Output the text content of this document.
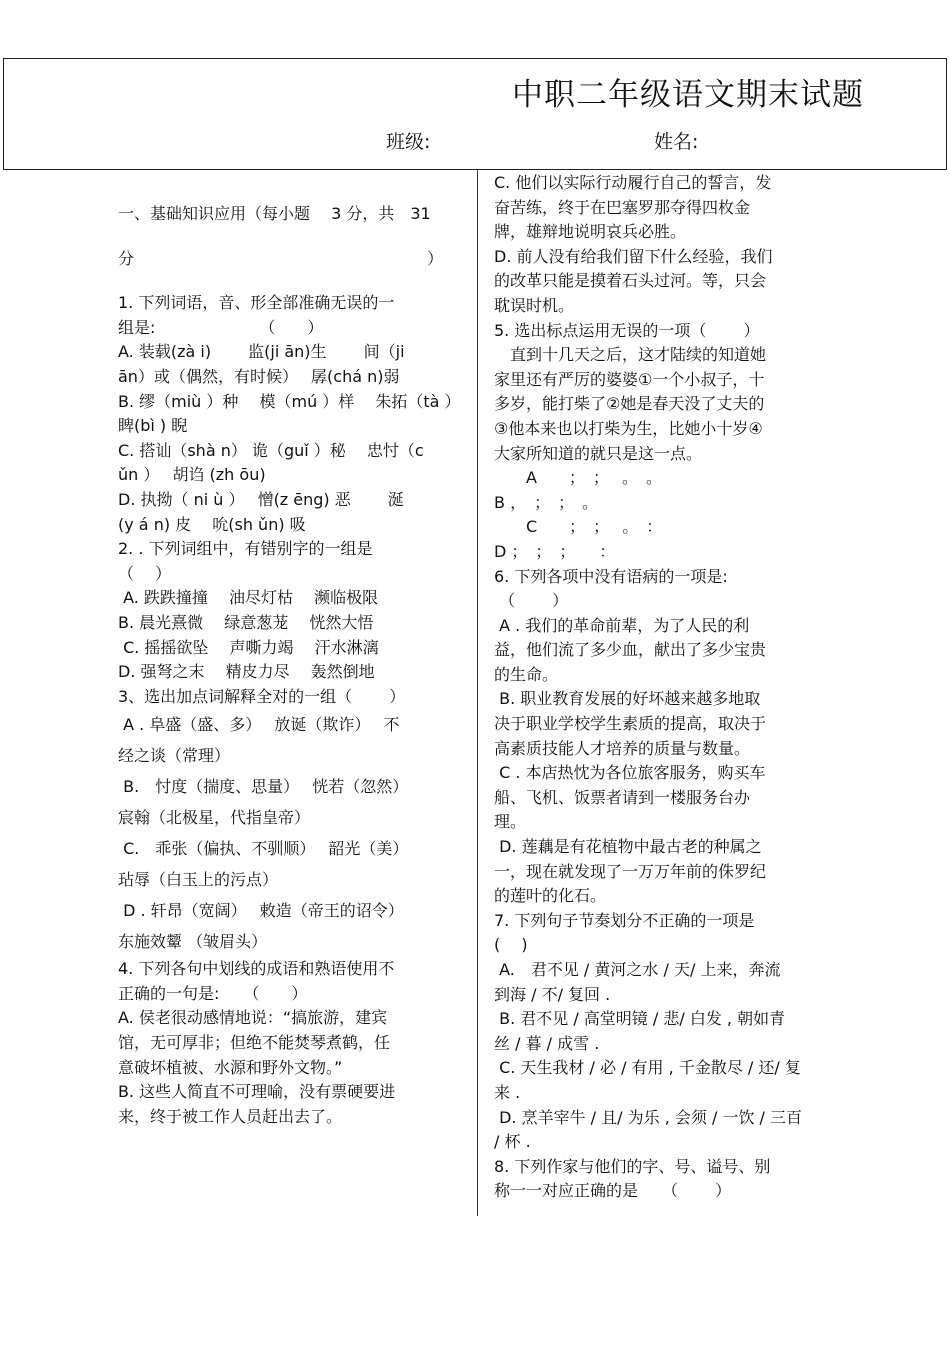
中职二年级语文期末试题
班级:	姓名:
一、基础知识应用（每小题　 3 分，共　31
分　　　　　　　　　　　　　　　　　　 ）
1. 下列词语，音、形全部准确无误的一
组是:　　　　　　　（　　）
A. 装载(zà i)　　 监(ji ān)生　　 间（ji
ān）或（偶然，有时候）　 孱(chá n)弱
B. 缪（miù ）种　 模（mú ）样　 朱拓（tà ）
睥(bì ) 睨
C. 搭讪（shà n） 诡（guǐ ）秘　 忠忖（c
ǔn ）　 胡诌 (zh ōu)
D. 执拗（ ni ù ）　 憎(z ēng) 恶　　 涎
(y á n) 皮　 吮(sh ǔn) 吸
2. . 下列词组中，有错别字的一组是
（　 ）
A. 跌跌撞撞　 油尽灯枯　 濒临极限
B. 晨光熹微　 绿意葱茏　 恍然大悟
C. 摇摇欲坠　 声嘶力竭　 汗水淋漓
D. 强弩之末　 精皮力尽　 轰然倒地
3、选出加点词解释全对的一组（　　 ）
A . 阜盛（盛、多）　 放诞（欺诈）　 不
经之谈（常理）
B.　忖度（揣度、思量）　 恍若（忽然）
宸翰（北极星，代指皇帝）
C.　乖张（偏执、不驯顺）　 韶光（美）
玷辱（白玉上的污点）
D . 轩昂（宽阔）　 敕造（帝王的诏令）
东施效颦 （皱眉头）
4. 下列各句中划线的成语和熟语使用不
正确的一句是:　　（　　）
A. 侯老很动感情地说：“搞旅游，建宾
馆，无可厚非；但绝不能焚琴煮鹤，任
意破坏植被、水源和野外文物。”
B. 这些人简直不可理喻，没有票硬要进
来，终于被工作人员赶出去了。
C. 他们以实际行动履行自己的誓言，发
奋苦练，终于在巴塞罗那夺得四枚金
牌，雄辩地说明哀兵必胜。
D. 前人没有给我们留下什么经验，我们
的改革只能是摸着石头过河。等，只会
耽误时机。
5. 选出标点运用无误的一项（　　 ）
　直到十几天之后，这才陆续的知道她
家里还有严厉的婆婆①一个小叔子，十
多岁，能打柴了②她是春天没了丈夫的
③他本来也以打柴为生，比她小十岁④
大家所知道的就只是这一点。
　　A　　；　；　 。　。
B ，　；　；　。
　　C　　；　；　 。　：
D ；　；　；　　：
6. 下列各项中没有语病的一项是:
（　　 ）
A . 我们的革命前辈，为了人民的利
益，他们流了多少血，献出了多少宝贵
的生命。
B. 职业教育发展的好坏越来越多地取
决于职业学校学生素质的提高，取决于
高素质技能人才培养的质量与数量。
C . 本店热忱为各位旅客服务，购买车
船、飞机、饭票者请到一楼服务台办
理。
D. 莲藕是有花植物中最古老的种属之
一，现在就发现了一万万年前的侏罗纪
的莲叶的化石。
7. 下列句子节奏划分不正确的一项是
(　 )
A.　君不见 / 黄河之水 / 天/ 上来，奔流
到海 / 不/ 复回 .
B. 君不见 / 高堂明镜 / 悲/ 白发 , 朝如青
丝 / 暮 / 成雪 .
C. 天生我材 / 必 / 有用 , 千金散尽 / 还/ 复
来 .
D. 烹羊宰牛 / 且/ 为乐 , 会须 / 一饮 / 三百
/ 杯 .
8. 下列作家与他们的字、号、谥号、别
称一一对应正确的是　　（　　 ）
